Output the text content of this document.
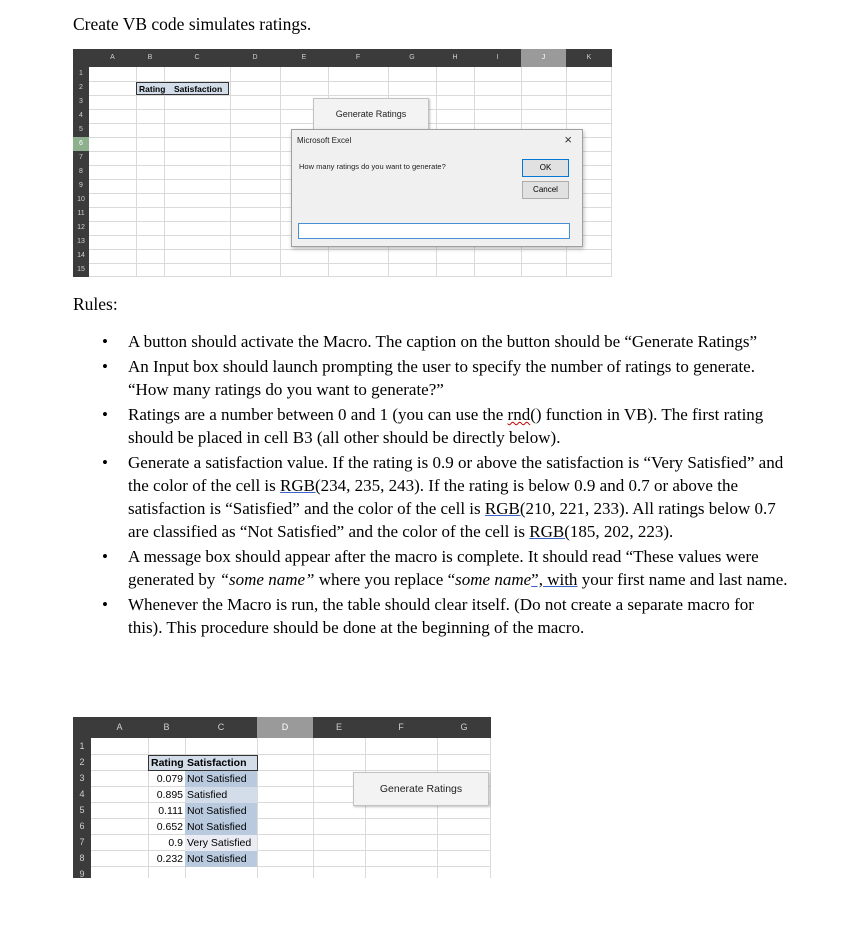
Create VB code simulates ratings.
A	B	C	D	E	F	G	H	I	J	K
1
2
3
4
5
6
7
8
9
10
11
12
13
14
15
Rating Satisfaction
Generate Ratings
Microsoft Excel	×
How many ratings do you want to generate?	OK
Cancel
Rules:
• A button should activate the Macro. The caption on the button should be “Generate Ratings”
• An Input box should launch prompting the user to specify the number of ratings to generate. “How many ratings do you want to generate?”
• Ratings are a number between 0 and 1 (you can use the rnd() function in VB). The first rating should be placed in cell B3 (all other should be directly below).
• Generate a satisfaction value. If the rating is 0.9 or above the satisfaction is “Very Satisfied” and the color of the cell is RGB(234, 235, 243). If the rating is below 0.9 and 0.7 or above the satisfaction is “Satisfied” and the color of the cell is RGB(210, 221, 233). All ratings below 0.7 are classified as “Not Satisfied” and the color of the cell is RGB(185, 202, 223).
• A message box should appear after the macro is complete. It should read “These values were generated by “some name” where you replace “some name”, with your first name and last name.
• Whenever the Macro is run, the table should clear itself. (Do not create a separate macro for this). This procedure should be done at the beginning of the macro.
A	B	C	D	E	F	G
1
2
3
4
5
6
7
8
9
Rating Satisfaction
0.079 Not Satisfied
0.895 Satisfied
0.111 Not Satisfied
0.652 Not Satisfied
0.9 Very Satisfied
0.232 Not Satisfied
Generate Ratings
